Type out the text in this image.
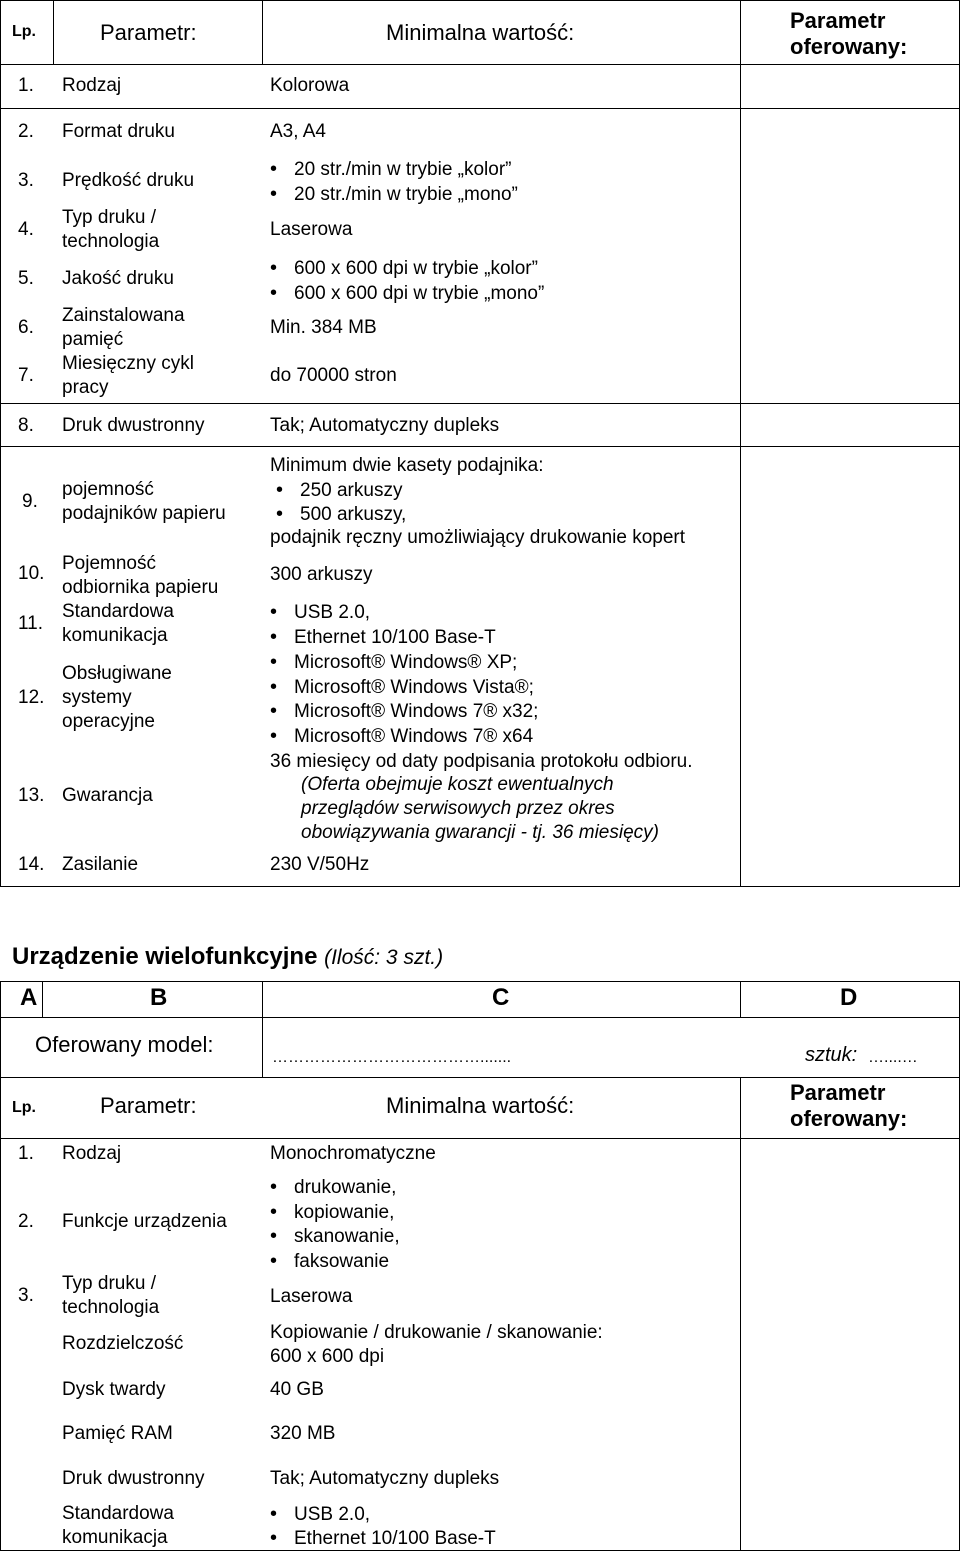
Lp.	Parametr:	Minimalna wartość:	Parametr
oferowany:
1. Rodzaj	Kolorowa
2. Format druku	A3, A4
3. Prędkość druku
• 20 str./min w trybie „kolor”
• 20 str./min w trybie „mono”
4.
Typ druku /
technologia
Laserowa
5. Jakość druku
•	600 x 600 dpi w trybie „kolor”
• 600 x 600 dpi w trybie „mono”
6.
Zainstalowana
pamięć
Min. 384 MB
7.
Miesięczny cykl
pracy
do 70000 stron
8. Druk dwustronny	Tak; Automatyczny dupleks
9.
pojemność
podajników papieru
Minimum dwie kasety podajnika:
• 250 arkuszy
• 500 arkuszy,
podajnik ręczny umożliwiający drukowanie kopert
10. Pojemność
odbiornika papieru
300 arkuszy
11.
Standardowa
komunikacja
• USB 2.0,
• Ethernet 10/100 Base-T
12.
Obsługiwane
systemy
operacyjne
• Microsoft® Windows® XP;
• Microsoft® Windows Vista®;
• Microsoft® Windows 7® x32;
• Microsoft® Windows 7® x64
13. Gwarancja
36 miesięcy od daty podpisania protokołu odbioru.
(Oferta obejmuje koszt ewentualnych
przeglądów serwisowych przez okres
obowiązywania gwarancji - tj. 36 miesięcy)
14. Zasilanie	230 V/50Hz
Urządzenie wielofunkcyjne (Ilość: 3 szt.)
A	B	C	D
Oferowany model:
………………………………….......	sztuk: …....…
Lp.	Parametr:	Minimalna wartość:
Parametr
oferowany:
1. Rodzaj	Monochromatyczne
2. Funkcje urządzenia
• drukowanie,
• kopiowanie,
• skanowanie,
• faksowanie
3.
Typ druku /
technologia
Laserowa
Rozdzielczość
Kopiowanie / drukowanie / skanowanie:
600 x 600 dpi
Dysk twardy	40 GB
Pamięć RAM	320 MB
Druk dwustronny	Tak; Automatyczny dupleks
Standardowa
komunikacja
• USB 2.0,
• Ethernet 10/100 Base-T
